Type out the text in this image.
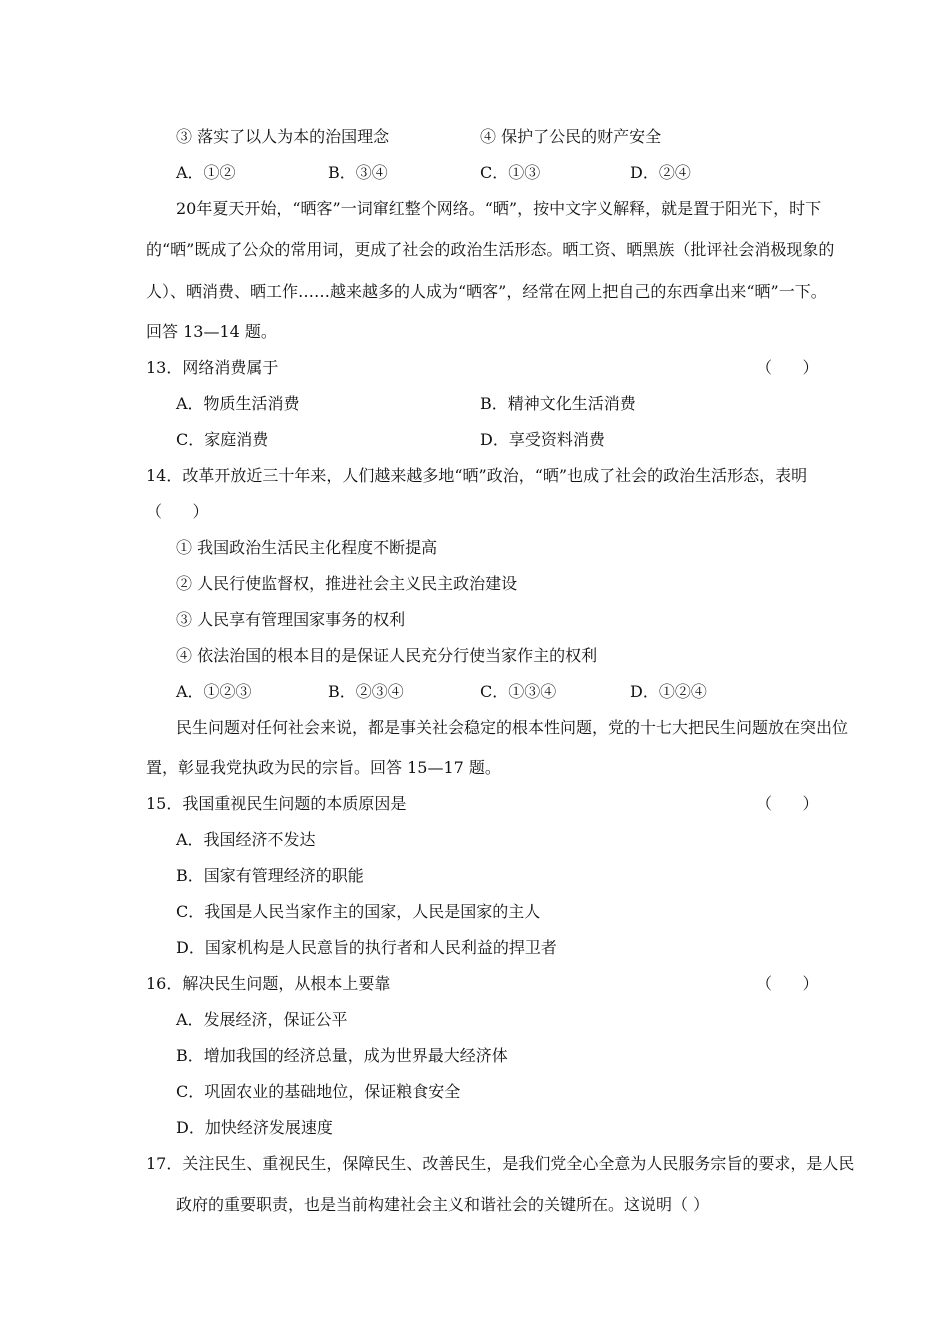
③ 落实了以人为本的治国理念	④ 保护了公民的财产安全
A．①②	B．③④	C．①③	D．②④
20年夏天开始，“晒客”一词窜红整个网络。“晒”，按中文字义解释，就是置于阳光下，时下
的“晒”既成了公众的常用词，更成了社会的政治生活形态。晒工资、晒黑族（批评社会消极现象的
人）、晒消费、晒工作……越来越多的人成为“晒客”，经常在网上把自己的东西拿出来“晒”一下。
回答 13—14 题。
13．网络消费属于	（      ）
A．物质生活消费	B．精神文化生活消费
C．家庭消费	D．享受资料消费
14．改革开放近三十年来，人们越来越多地“晒”政治，“晒”也成了社会的政治生活形态，表明
（      ）
① 我国政治生活民主化程度不断提高
② 人民行使监督权，推进社会主义民主政治建设
③ 人民享有管理国家事务的权利
④ 依法治国的根本目的是保证人民充分行使当家作主的权利
A．①②③	B．②③④	C．①③④	D．①②④
民生问题对任何社会来说，都是事关社会稳定的根本性问题，党的十七大把民生问题放在突出位
置，彰显我党执政为民的宗旨。回答 15—17 题。
15．我国重视民生问题的本质原因是	（      ）
A．我国经济不发达
B．国家有管理经济的职能
C．我国是人民当家作主的国家，人民是国家的主人
D．国家机构是人民意旨的执行者和人民利益的捍卫者
16．解决民生问题，从根本上要靠	（      ）
A．发展经济，保证公平
B．增加我国的经济总量，成为世界最大经济体
C．巩固农业的基础地位，保证粮食安全
D．加快经济发展速度
17．关注民生、重视民生，保障民生、改善民生，是我们党全心全意为人民服务宗旨的要求，是人民
政府的重要职责，也是当前构建社会主义和谐社会的关键所在。这说明（ ）
